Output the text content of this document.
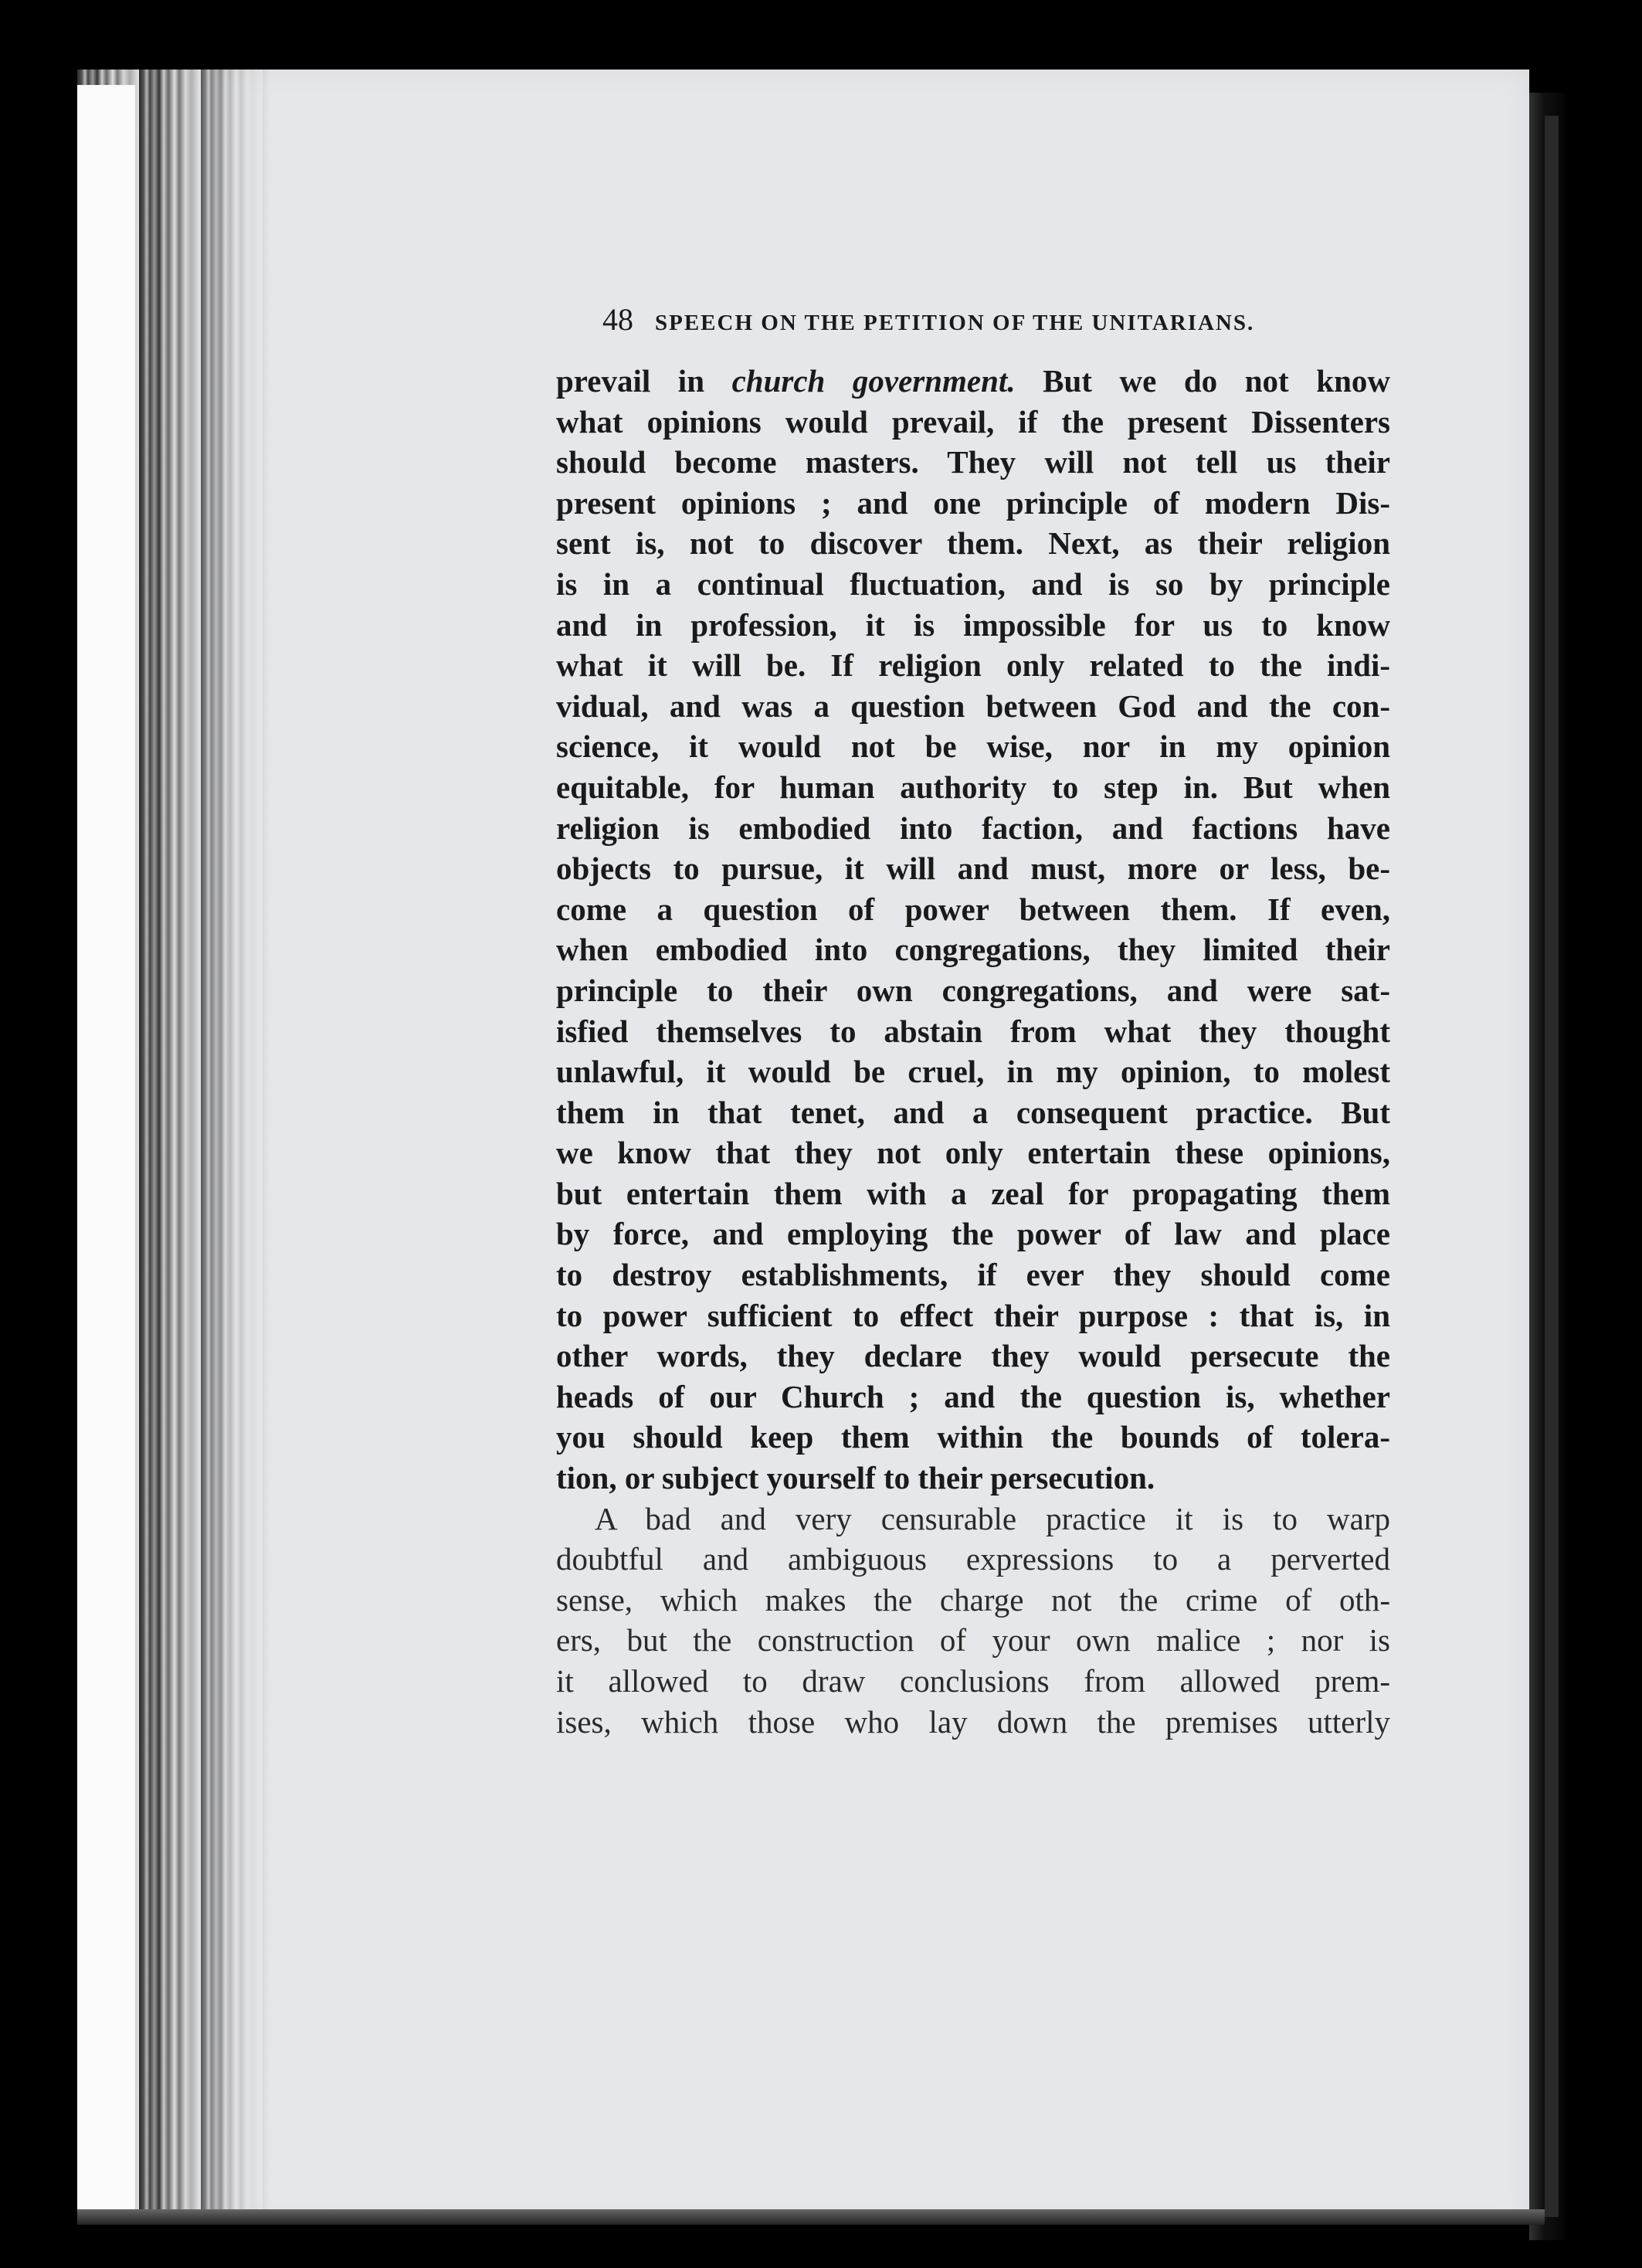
48 SPEECH ON THE PETITION OF THE UNITARIANS.
prevail in church government. But we do not know
what opinions would prevail, if the present Dissenters
should become masters. They will not tell us their
present opinions ; and one principle of modern Dis-
sent is, not to discover them. Next, as their religion
is in a continual fluctuation, and is so by principle
and in profession, it is impossible for us to know
what it will be. If religion only related to the indi-
vidual, and was a question between God and the con-
science, it would not be wise, nor in my opinion
equitable, for human authority to step in. But when
religion is embodied into faction, and factions have
objects to pursue, it will and must, more or less, be-
come a question of power between them. If even,
when embodied into congregations, they limited their
principle to their own congregations, and were sat-
isfied themselves to abstain from what they thought
unlawful, it would be cruel, in my opinion, to molest
them in that tenet, and a consequent practice. But
we know that they not only entertain these opinions,
but entertain them with a zeal for propagating them
by force, and employing the power of law and place
to destroy establishments, if ever they should come
to power sufficient to effect their purpose : that is, in
other words, they declare they would persecute the
heads of our Church ; and the question is, whether
you should keep them within the bounds of tolera-
tion, or subject yourself to their persecution.
A bad and very censurable practice it is to warp
doubtful and ambiguous expressions to a perverted
sense, which makes the charge not the crime of oth-
ers, but the construction of your own malice ; nor is
it allowed to draw conclusions from allowed prem-
ises, which those who lay down the premises utterly
